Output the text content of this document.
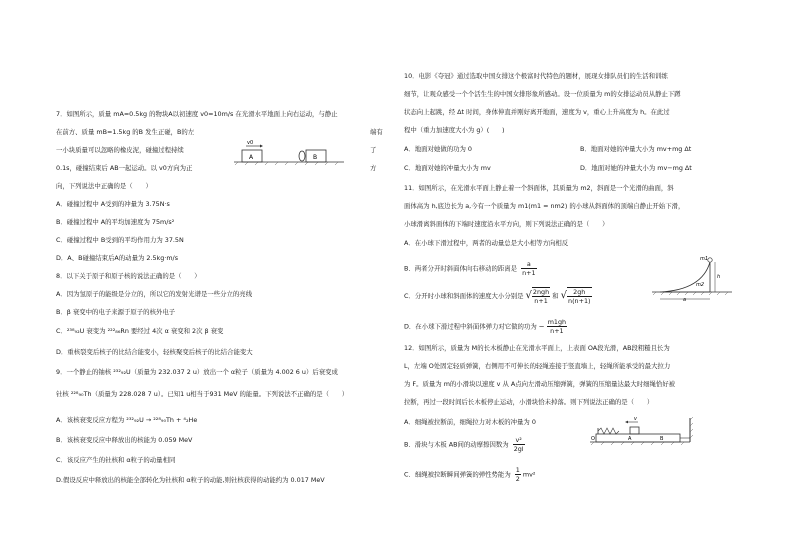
7．如图所示，质量 mA=0.5kg 的物块A以初速度 v0=10m/s 在光滑水平地面上向右运动，与静止
在前方、质量 mB=1.5kg 的B 发生正碰，B的左	端有
一小块质量可以忽略的橡皮泥，碰撞过程持续	了
0.1s，碰撞结束后 AB一起运动。以 v0方向为正	方
向，下列说法中正确的是（　　）
A
v0
B
A．碰撞过程中 A受到的冲量为 3.75N·s
B．碰撞过程中 A的平均加速度为 75m/s²
C．碰撞过程中 B受到的平均作用力为 37.5N
D．A、B碰撞结束后A的动量为 2.5kg·m/s
8．以下关于原子和原子核的说法正确的是（　　）
A．因为氢原子的能级是分立的，所以它的发射光谱是一些分立的亮线
B．β 衰变中的电子来源于原子的核外电子
C．²³⁸₉₂U 衰变为 ²²²₈₆Rn 要经过 4次 α 衰变和 2次 β 衰变
D．重核裂变后核子的比结合能变小，轻核聚变后核子的比结合能变大
9．一个静止的铀核 ²³²₉₂U（质量为 232.037 2 u）放出一个 α粒子（质量为 4.002 6 u）后衰变成
钍核 ²²⁸₉₀Th（质量为 228.028 7 u）。已知1 u相当于931 MeV 的能量。下列说法不正确的是（　　）
A．该核衰变反应方程为 ²³²₉₂U → ²²⁸₉₀Th + ⁴₂He
B．该核衰变反应中释放出的核能为 0.059 MeV
C．该反应产生的钍核和 α粒子的动量相同
D.假设反应中释放出的核能全部转化为钍核和 α粒子的动能,则钍核获得的动能约为 0.017 MeV
10．电影《夺冠》通过选取中国女排这个极富时代特色的题材，展现女排队员们的生活和训练
细节，让观众感受一个个活生生的中国女排形象所感动。设一位质量为 m的女排运动员从静止下蹲
状态向上起跳，经 Δt 时间，身体伸直并刚好离开地面，速度为 v，重心上升高度为 h。在此过
程中（重力加速度大小为 g）(　　)
A．地面对她做的功为 0	B．地面对她的冲量大小为 mv+mg Δt
C．地面对她的冲量大小为 mv	D．地面对她的冲量大小为 mv−mg Δt
11．如图所示，在光滑水平面上静止着一个斜面体，其质量为 m2，斜面是一个光滑的曲面，斜
面体高为 h,底边长为 a,今有一个质量为 m1(m1 = nm2) 的小球从斜面体的顶端自静止开始下滑，
小球滑离斜面体的下端时速度沿水平方向，则下列说法正确的是（　　）
A．在小球下滑过程中，两者的动量总是大小相等方向相反
B．两者分开时斜面体向右移动的距离是 $\frac{a}{n+1}$
C．分开时小球和斜面体的速度大小分别是 √ 2ngh
n+1
和 √ $\frac{2gh}{n(n+1)}$
D．在小球下滑过程中斜面体弹力对它做的功为 − $\frac{m1gh}{n+1}$
m1
m2
h
a
12．如图所示，质量为 M的长木板静止在光滑水平面上，上表面 OA段光滑，AB段粗糙且长为
L，左端 O处固定轻质弹簧，右侧用不可伸长的轻绳连接于竖直墙上，轻绳所能承受的最大拉力
为 F。质量为 m的小滑块以速度 v 从 A点向左滑动压缩弹簧，弹簧的压缩量达最大时细绳恰好被
拉断，再过一段时间后长木板停止运动，小滑块恰未掉落。则下列说法正确的是（　　）
A．细绳被拉断前，细绳拉力对木板的冲量为 0
B．滑块与木板 AB间的动摩擦因数为 $\frac{\text{v²}}{2gl}$
C．细绳被拉断瞬间弹簧的弹性势能为 $\frac{1}{2} mv^2$
v
O	A	B
